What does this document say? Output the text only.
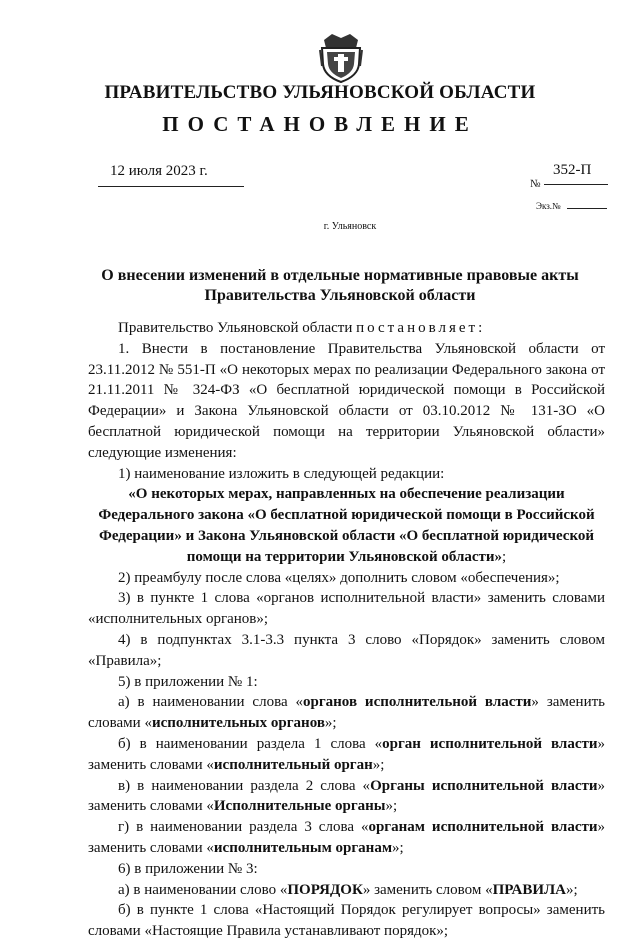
ПРАВИТЕЛЬСТВО УЛЬЯНОВСКОЙ ОБЛАСТИ
ПОСТАНОВЛЕНИЕ
12 июля 2023 г.	352-П
№
Экз.№
г. Ульяновск
О внесении изменений в отдельные нормативные правовые акты
Правительства Ульяновской области

Правительство Ульяновской области постановляет:

1. Внести в постановление Правительства Ульяновской области от 23.11.2012 № 551-П «О некоторых мерах по реализации Федерального закона от 21.11.2011 № 324-ФЗ «О бесплатной юридической помощи в Российской Федерации» и Закона Ульяновской области от 03.10.2012 № 131-ЗО «О бесплатной юридической помощи на территории Ульяновской области» следующие изменения:

1) наименование изложить в следующей редакции:

«О некоторых мерах, направленных на обеспечение реализации Федерального закона «О бесплатной юридической помощи в Российской Федерации» и Закона Ульяновской области «О бесплатной юридической помощи на территории Ульяновской области»;

2) преамбулу после слова «целях» дополнить словом «обеспечения»;

3) в пункте 1 слова «органов исполнительной власти» заменить словами «исполнительных органов»;

4) в подпунктах 3.1-3.3 пункта 3 слово «Порядок» заменить словом «Правила»;

5) в приложении № 1:

а) в наименовании слова «органов исполнительной власти» заменить словами «исполнительных органов»;

б) в наименовании раздела 1 слова «орган исполнительной власти» заменить словами «исполнительный орган»;

в) в наименовании раздела 2 слова «Органы исполнительной власти» заменить словами «Исполнительные органы»;

г) в наименовании раздела 3 слова «органам исполнительной власти» заменить словами «исполнительным органам»;

6) в приложении № 3:

а) в наименовании слово «ПОРЯДОК» заменить словом «ПРАВИЛА»;

б) в пункте 1 слова «Настоящий Порядок регулирует вопросы» заменить словами «Настоящие Правила устанавливают порядок»;
